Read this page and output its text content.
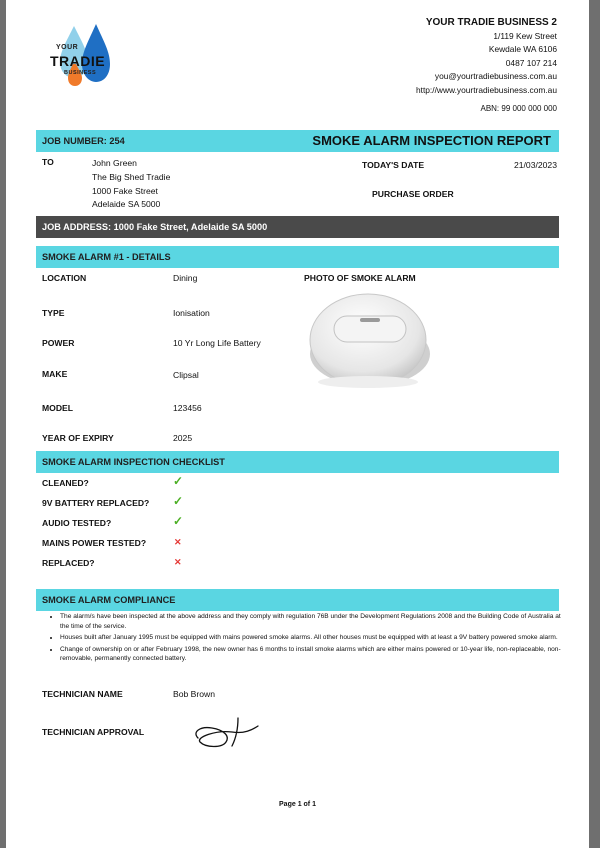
YOUR
TRADIE
BUSINESS
YOUR TRADIE BUSINESS 2
1/119 Kew Street
Kewdale WA 6106
0487 107 214
you@yourtradiebusiness.com.au
http://www.yourtradiebusiness.com.au
ABN: 99 000 000 000
JOB NUMBER: 254	SMOKE ALARM INSPECTION REPORT
TO	John Green
The Big Shed Tradie
1000 Fake Street
Adelaide SA 5000
TODAY'S DATE	21/03/2023
PURCHASE ORDER
JOB ADDRESS: 1000 Fake Street, Adelaide SA 5000
SMOKE ALARM #1 - DETAILS
LOCATION	Dining
TYPE	Ionisation
POWER	10 Yr Long Life Battery
MAKE	Clipsal
MODEL	123456
YEAR OF EXPIRY	2025
PHOTO OF SMOKE ALARM
SMOKE ALARM INSPECTION CHECKLIST
CLEANED?	✓
9V BATTERY REPLACED? ✓
AUDIO TESTED?	✓
MAINS POWER TESTED?	✕
REPLACED?	✕
SMOKE ALARM COMPLIANCE
• The alarm/s have been inspected at the above address and they comply with regulation 76B under the Development Regulations 2008 and the Building Code of Australia at the time of the service.
• Houses built after January 1995 must be equipped with mains powered smoke alarms. All other houses must be equipped with at least a 9V battery powered smoke alarm.
• Change of ownership on or after February 1998, the new owner has 6 months to install smoke alarms which are either mains powered or 10-year life, non-replaceable, non-removable, permanently connected battery.
TECHNICIAN NAME	Bob Brown
TECHNICIAN APPROVAL
Page 1 of 1
